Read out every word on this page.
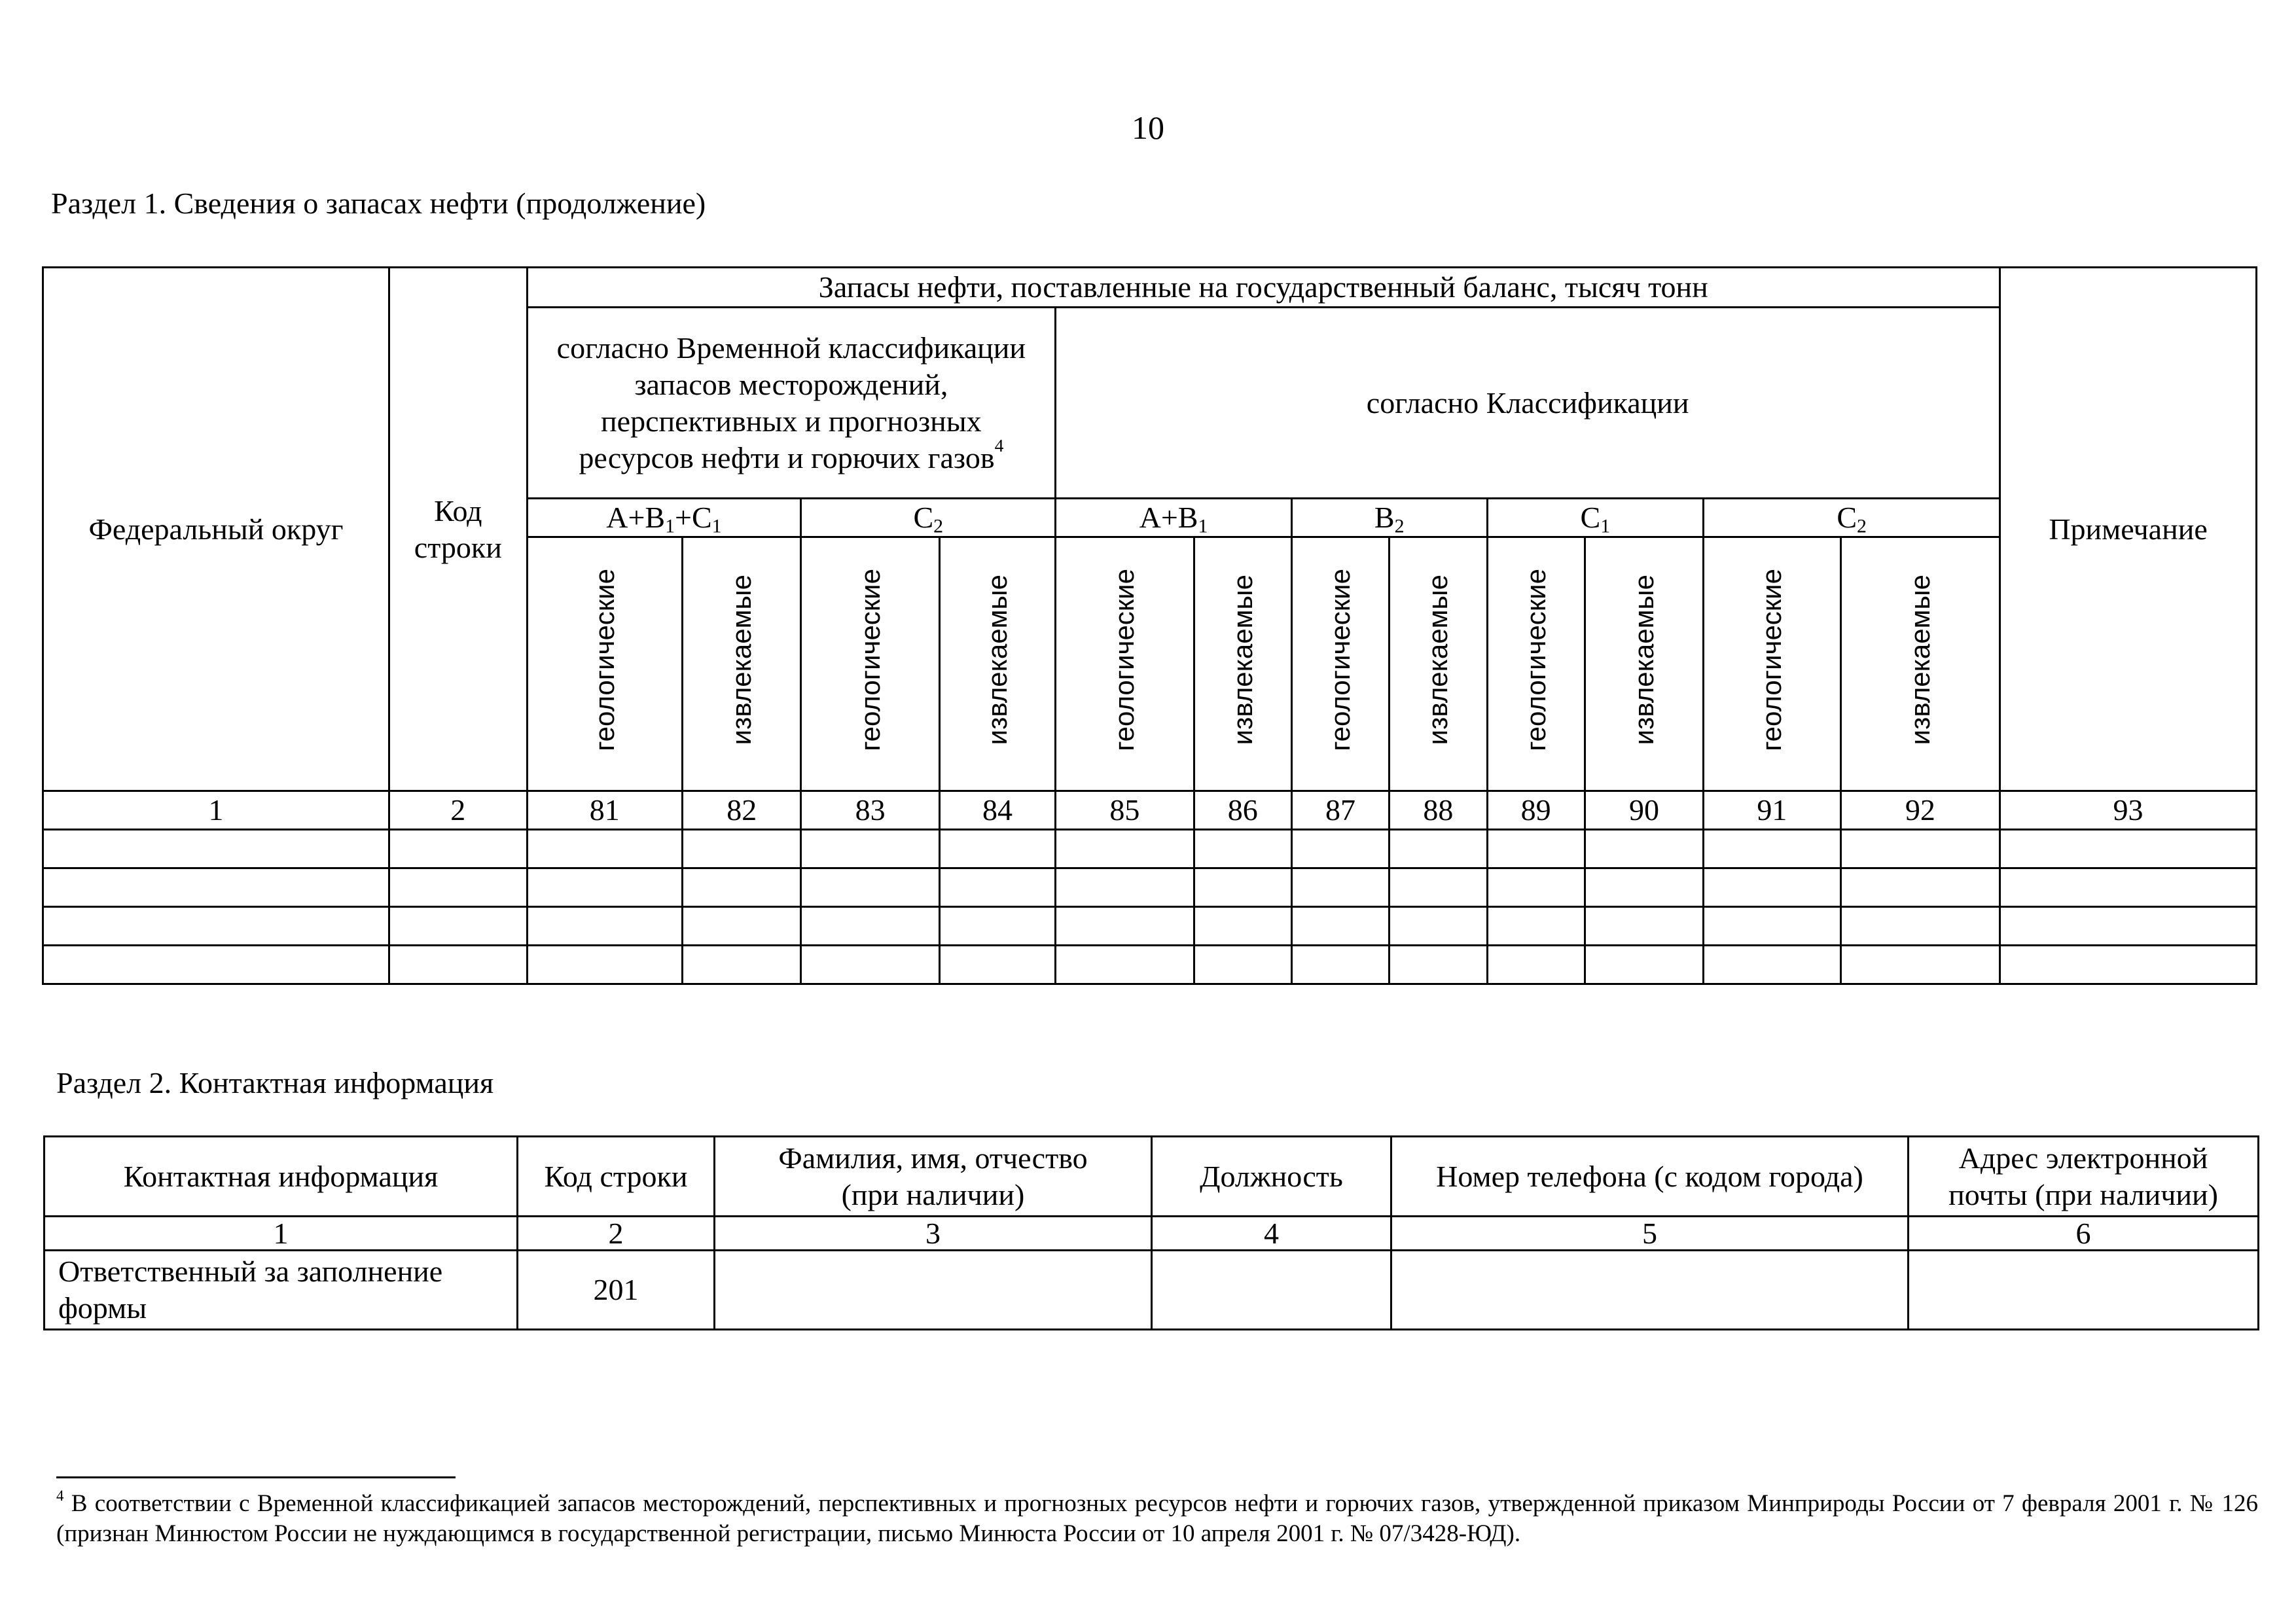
10
Раздел 1. Сведения о запасах нефти (продолжение)
Федеральный округ	Код строки	Запасы нефти, поставленные на государственный баланс, тысяч тонн												Примечание
		согласно Временной классификации запасов месторождений, перспективных и прогнозных ресурсов нефти и горючих газов$^4$				согласно Классификации								
		$А+В_1+С_1$		$С_2$		$А+В_1$		$В_2$		$С_1$		$С_2$
		геологические	извлекаемые	геологические	извлекаемые	геологические	извлекаемые	геологические	извлекаемые	геологические	извлекаемые	геологические	извлекаемые	
1	2	81	82	83	84	85	86	87	88	89	90	91	92	93

Раздел 2. Контактная информация
Контактная информация	Код строки	Фамилия, имя, отчество (при наличии)	Должность	Номер телефона (с кодом города)	Адрес электронной почты (при наличии)
1	2	3	4	5	6
Ответственный за заполнение формы	201				
$^4$ В соответствии с Временной классификацией запасов месторождений, перспективных и прогнозных ресурсов нефти и горючих газов, утвержденной приказом Минприроды России от 7 февраля 2001 г. № 126 (признан Минюстом России не нуждающимся в государственной регистрации, письмо Минюста России от 10 апреля 2001 г. № 07/3428-ЮД).
